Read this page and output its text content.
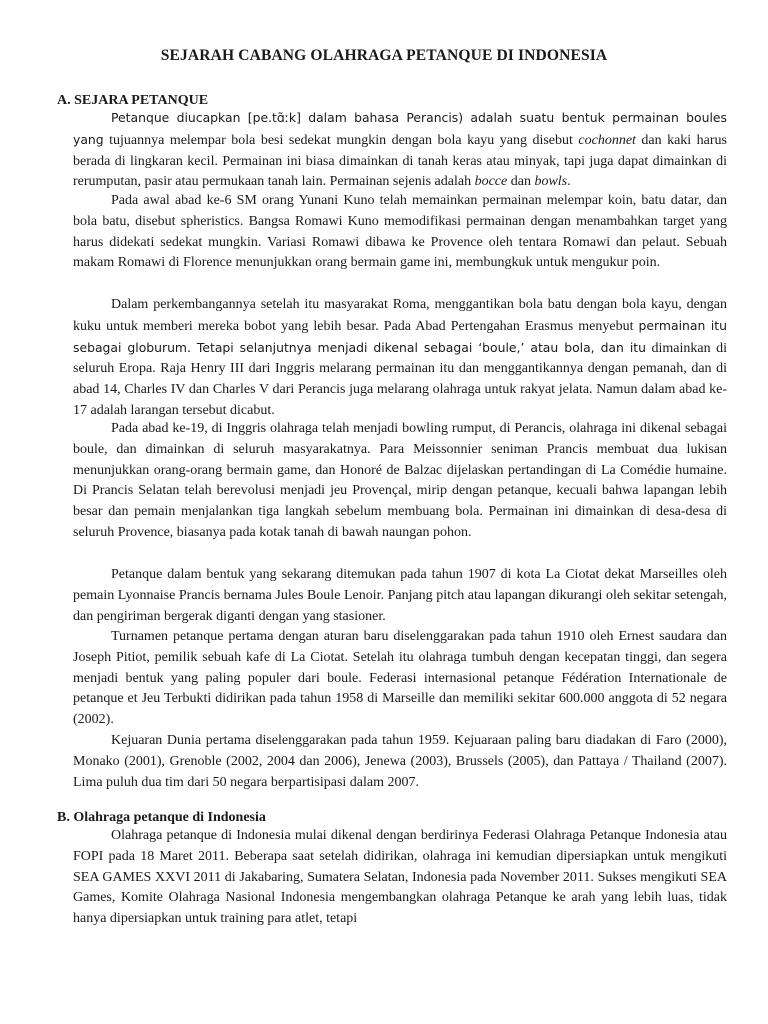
SEJARAH CABANG OLAHRAGA PETANQUE DI INDONESIA
A. SEJARA PETANQUE

Petanque diucapkan [pe.tɑ̃ːk] dalam bahasa Perancis) adalah suatu bentuk permainan boules yang tujuannya melempar bola besi sedekat mungkin dengan bola kayu yang disebut cochonnet dan kaki harus berada di lingkaran kecil. Permainan ini biasa dimainkan di tanah keras atau minyak, tapi juga dapat dimainkan di rerumputan, pasir atau permukaan tanah lain. Permainan sejenis adalah bocce dan bowls.

Pada awal abad ke-6 SM orang Yunani Kuno telah memainkan permainan melempar koin, batu datar, dan bola batu, disebut spheristics. Bangsa Romawi Kuno memodifikasi permainan dengan menambahkan target yang harus didekati sedekat mungkin. Variasi Romawi dibawa ke Provence oleh tentara Romawi dan pelaut. Sebuah makam Romawi di Florence menunjukkan orang bermain game ini, membungkuk untuk mengukur poin.

Dalam perkembangannya setelah itu masyarakat Roma, menggantikan bola batu dengan bola kayu, dengan kuku untuk memberi mereka bobot yang lebih besar. Pada Abad Pertengahan Erasmus menyebut permainan itu sebagai globurum. Tetapi selanjutnya menjadi dikenal sebagai ‘boule,’ atau bola, dan itu dimainkan di seluruh Eropa. Raja Henry III dari Inggris melarang permainan itu dan menggantikannya dengan pemanah, dan di abad 14, Charles IV dan Charles V dari Perancis juga melarang olahraga untuk rakyat jelata. Namun dalam abad ke-17 adalah larangan tersebut dicabut.

Pada abad ke-19, di Inggris olahraga telah menjadi bowling rumput, di Perancis, olahraga ini dikenal sebagai boule, dan dimainkan di seluruh masyarakatnya. Para Meissonnier seniman Prancis membuat dua lukisan menunjukkan orang-orang bermain game, dan Honoré de Balzac dijelaskan pertandingan di La Comédie humaine. Di Prancis Selatan telah berevolusi menjadi jeu Provençal, mirip dengan petanque, kecuali bahwa lapangan lebih besar dan pemain menjalankan tiga langkah sebelum membuang bola. Permainan ini dimainkan di desa-desa di seluruh Provence, biasanya pada kotak tanah di bawah naungan pohon.

Petanque dalam bentuk yang sekarang ditemukan pada tahun 1907 di kota La Ciotat dekat Marseilles oleh pemain Lyonnaise Prancis bernama Jules Boule Lenoir. Panjang pitch atau lapangan dikurangi oleh sekitar setengah, dan pengiriman bergerak diganti dengan yang stasioner.

Turnamen petanque pertama dengan aturan baru diselenggarakan pada tahun 1910 oleh Ernest saudara dan Joseph Pitiot, pemilik sebuah kafe di La Ciotat. Setelah itu olahraga tumbuh dengan kecepatan tinggi, dan segera menjadi bentuk yang paling populer dari boule. Federasi internasional petanque Fédération Internationale de petanque et Jeu Terbukti didirikan pada tahun 1958 di Marseille dan memiliki sekitar 600.000 anggota di 52 negara (2002).

Kejuaran Dunia pertama diselenggarakan pada tahun 1959. Kejuaraan paling baru diadakan di Faro (2000), Monako (2001), Grenoble (2002, 2004 dan 2006), Jenewa (2003), Brussels (2005), dan Pattaya / Thailand (2007). Lima puluh dua tim dari 50 negara berpartisipasi dalam 2007.

B. Olahraga petanque di Indonesia

Olahraga petanque di Indonesia mulai dikenal dengan berdirinya Federasi Olahraga Petanque Indonesia atau FOPI pada 18 Maret 2011. Beberapa saat setelah didirikan, olahraga ini kemudian dipersiapkan untuk mengikuti SEA GAMES XXVI 2011 di Jakabaring, Sumatera Selatan, Indonesia pada November 2011. Sukses mengikuti SEA Games, Komite Olahraga Nasional Indonesia mengembangkan olahraga Petanque ke arah yang lebih luas, tidak hanya dipersiapkan untuk training para atlet, tetapi
